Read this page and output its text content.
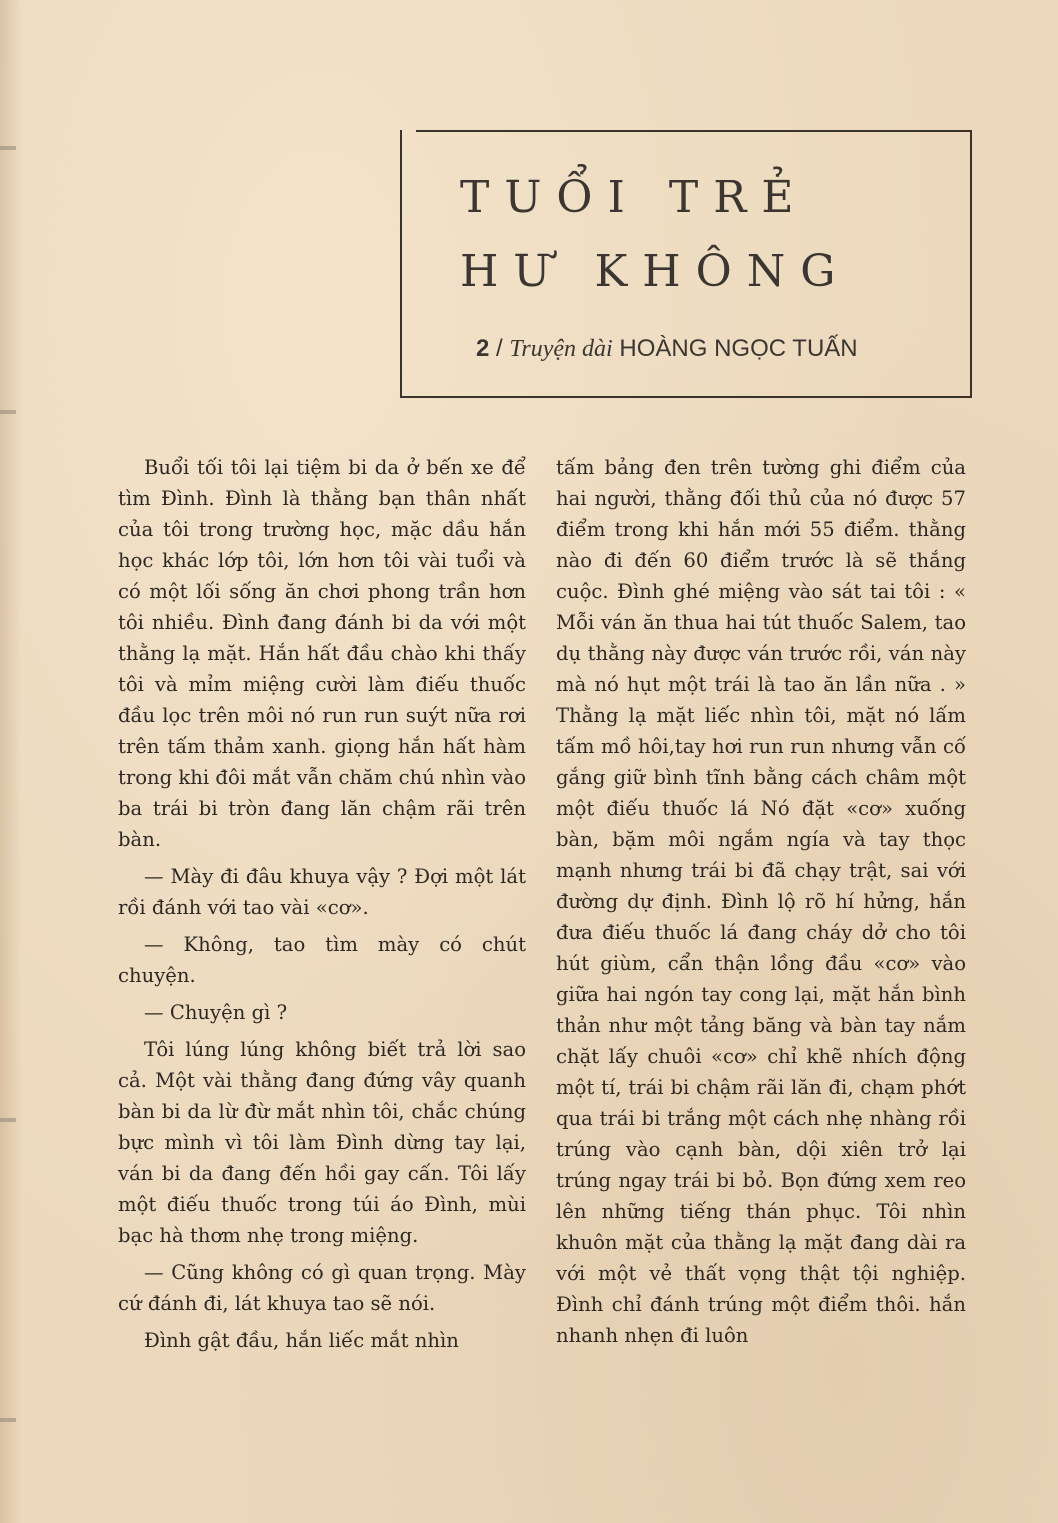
TUỔI TRẺ
HƯ KHÔNG
2 / Truyện dài HOÀNG NGỌC TUẤN

Buổi tối tôi lại tiệm bi da ở bến xe để tìm Đình. Đình là thằng bạn thân nhất của tôi trong trường học, mặc dầu hắn học khác lớp tôi, lớn hơn tôi vài tuổi và có một lối sống ăn chơi phong trần hơn tôi nhiều. Đình đang đánh bi da với một thằng lạ mặt. Hắn hất đầu chào khi thấy tôi và mỉm miệng cười làm điếu thuốc đầu lọc trên môi nó run run suýt nữa rơi trên tấm thảm xanh. giọng hắn hất hàm trong khi đôi mắt vẫn chăm chú nhìn vào ba trái bi tròn đang lăn chậm rãi trên bàn.

— Mày đi đâu khuya vậy ? Đợi một lát rồi đánh với tao vài «cơ».

— Không, tao tìm mày có chút chuyện.

— Chuyện gì ?

Tôi lúng lúng không biết trả lời sao cả. Một vài thằng đang đứng vây quanh bàn bi da lừ đừ mắt nhìn tôi, chắc chúng bực mình vì tôi làm Đình dừng tay lại, ván bi da đang đến hồi gay cấn. Tôi lấy một điếu thuốc trong túi áo Đình, mùi bạc hà thơm nhẹ trong miệng.

— Cũng không có gì quan trọng. Mày cứ đánh đi, lát khuya tao sẽ nói.

Đình gật đầu, hắn liếc mắt nhìn

tấm bảng đen trên tường ghi điểm của hai người, thằng đối thủ của nó được 57 điểm trong khi hắn mới 55 điểm. thằng nào đi đến 60 điểm trước là sẽ thắng cuộc. Đình ghé miệng vào sát tai tôi : « Mỗi ván ăn thua hai tút thuốc Salem, tao dụ thằng này được ván trước rồi, ván này mà nó hụt một trái là tao ăn lần nữa . » Thằng lạ mặt liếc nhìn tôi, mặt nó lấm tấm mồ hôi,tay hơi run run nhưng vẫn cố gắng giữ bình tĩnh bằng cách châm một một điếu thuốc lá Nó đặt «cơ» xuống bàn, bặm môi ngắm ngía và tay thọc mạnh nhưng trái bi đã chạy trật, sai với đường dự định. Đình lộ rõ hí hửng, hắn đưa điếu thuốc lá đang cháy dở cho tôi hút giùm, cẩn thận lồng đầu «cơ» vào giữa hai ngón tay cong lại, mặt hắn bình thản như một tảng băng và bàn tay nắm chặt lấy chuôi «cơ» chỉ khẽ nhích động một tí, trái bi chậm rãi lăn đi, chạm phớt qua trái bi trắng một cách nhẹ nhàng rồi trúng vào cạnh bàn, dội xiên trở lại trúng ngay trái bi bỏ. Bọn đứng xem reo lên những tiếng thán phục. Tôi nhìn khuôn mặt của thằng lạ mặt đang dài ra với một vẻ thất vọng thật tội nghiệp. Đình chỉ đánh trúng một điểm thôi. hắn nhanh nhẹn đi luôn
